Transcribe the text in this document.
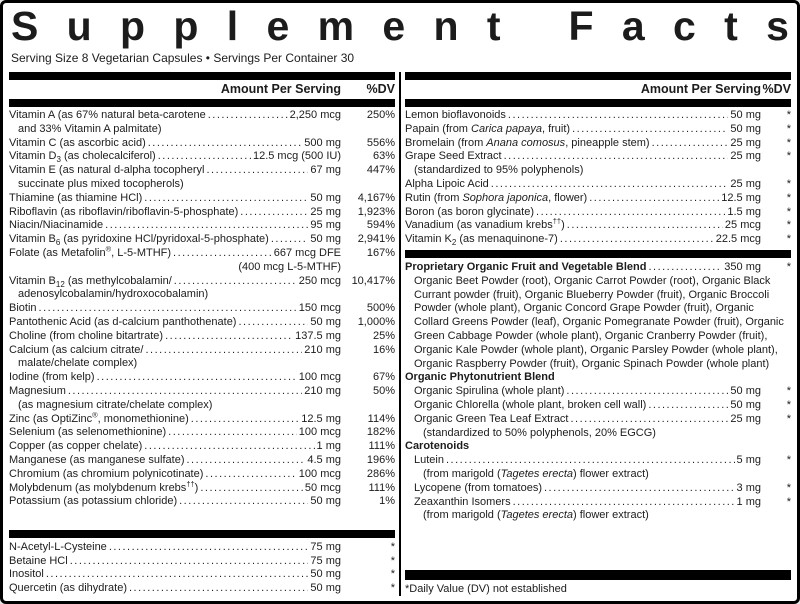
S u p p l e m e n t
F a c t s
Serving Size 8 Vegetarian Capsules • Servings Per Container 30
Amount Per Serving	%DV
Vitamin A (as 67% natural beta-carotene .....	2,250 mcg	250%
and 33% Vitamin A palmitate)
Vitamin C (as ascorbic acid) .....	500 mg	556%
Vitamin $D_3$ (as cholecalciferol) .....	12.5 mcg (500 IU)	63%
Vitamin E (as natural d-alpha tocopheryl .....	67 mg	447%
succinate plus mixed tocopherols)
Thiamine (as thiamine HCl) .....	50 mg	4,167%
Riboflavin (as riboflavin/riboflavin-5-phosphate) .....	25 mg	1,923%
Niacin/Niacinamide .....	95 mg	594%
Vitamin $B_6$ (as pyridoxine HCl/pyridoxal-5-phosphate) .....	50 mg	2,941%
Folate (as Metafolin®, L-5-MTHF) .....	667 mcg DFE	167%
(400 mcg L-5-MTHF)
Vitamin $B_{12}$ (as methylcobalamin/ .....	250 mcg 10,417%
adenosylcobalamin/hydroxocobalamin)
Biotin .....	150 mcg	500%
Pantothenic Acid (as d-calcium panthothenate) .....	50 mg	1,000%
Choline (from choline bitartrate) .....	137.5 mg	25%
Calcium (as calcium citrate/ .....	210 mg	16%
malate/chelate complex)
Iodine (from kelp) .....	100 mcg	67%
Magnesium .....	210 mg	50%
(as magnesium citrate/chelate complex)
Zinc (as OptiZinc®, monomethionine) .....	12.5 mg	114%
Selenium (as selenomethionine) .....	100 mcg	182%
Copper (as copper chelate) .....	1 mg	111%
Manganese (as manganese sulfate) .....	4.5 mg	196%
Chromium (as chromium polynicotinate) .....	100 mcg	286%
Molybdenum (as molybdenum krebs††) .....	50 mcg	111%
Potassium (as potassium chloride) .....	50 mg	1%
N-Acetyl-L-Cysteine .....	75 mg	*
Betaine HCl .....	75 mg	*
Inositol .....	50 mg	*
Quercetin (as dihydrate) .....	50 mg	*
Amount Per Serving %DV
Lemon bioflavonoids .....	50 mg	*
Papain (from Carica papaya, fruit) .....	50 mg	*
Bromelain (from Anana comosus, pineapple stem) .....	25 mg	*
Grape Seed Extract .....	25 mg	*
(standardized to 95% polyphenols)
Alpha Lipoic Acid .....	25 mg	*
Rutin (from Sophora japonica, flower) .....	12.5 mg	*
Boron (as boron glycinate) .....	1.5 mg	*
Vanadium (as vanadium krebs††) .....	25 mcg	*
Vitamin $K_2$ (as menaquinone-7) .....	22.5 mcg	*
Proprietary Organic Fruit and Vegetable Blend .....	350 mg	*
Organic Beet Powder (root), Organic Carrot Powder (root), Organic Black Currant powder (fruit), Organic Blueberry Powder (fruit), Organic Broccoli Powder (whole plant), Organic Concord Grape Powder (fruit), Organic Collard Greens Powder (leaf), Organic Pomegranate Powder (fruit), Organic Green Cabbage Powder (whole plant), Organic Cranberry Powder (fruit), Organic Kale Powder (whole plant), Organic Parsley Powder (whole plant), Organic Raspberry Powder (fruit), Organic Spinach Powder (whole plant)
Organic Phytonutrient Blend
Organic Spirulina (whole plant) .....	50 mg	*
Organic Chlorella (whole plant, broken cell wall) .....	50 mg	*
Organic Green Tea Leaf Extract .....	25 mg	*
(standardized to 50% polyphenols, 20% EGCG)
Carotenoids
Lutein .....	5 mg	*
(from marigold (Tagetes erecta) flower extract)
Lycopene (from tomatoes) .....	3 mg	*
Zeaxanthin Isomers .....	1 mg	*
(from marigold (Tagetes erecta) flower extract)
*Daily Value (DV) not established
